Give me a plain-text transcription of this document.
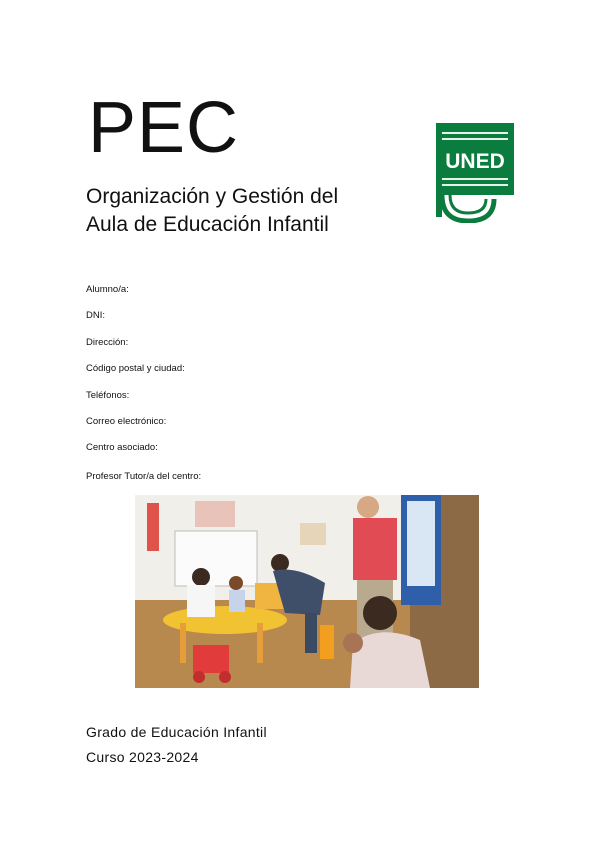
PEC
Organización y Gestión del
Aula de Educación Infantil
UNED
Alumno/a:
DNI:
Dirección:
Código postal y ciudad:
Teléfonos:
Correo electrónico:
Centro asociado:
Profesor Tutor/a del centro:
Grado de Educación Infantil
Curso 2023-2024
